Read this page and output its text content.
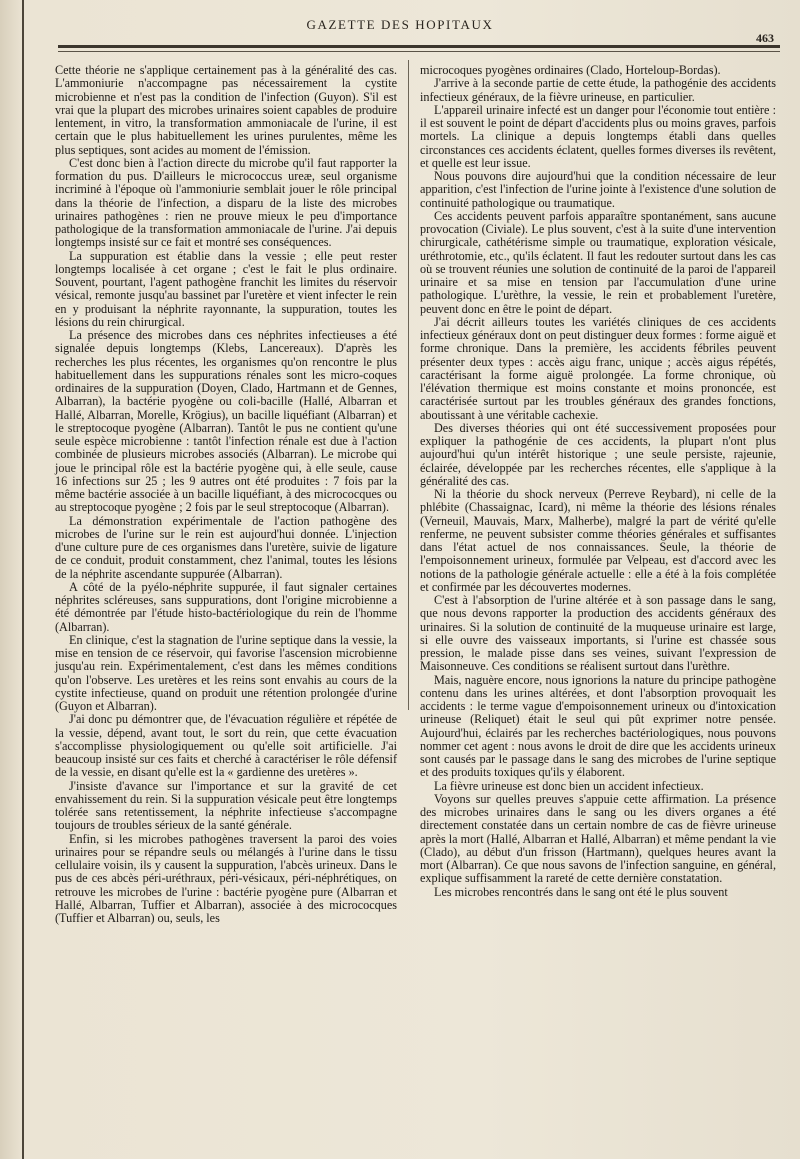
GAZETTE DES HOPITAUX
463

Cette théorie ne s'applique certainement pas à la généralité des cas. L'ammoniurie n'accompagne pas nécessairement la cystite microbienne et n'est pas la condition de l'infection (Guyon). S'il est vrai que la plupart des microbes urinaires soient capables de produire lentement, in vitro, la transformation ammoniacale de l'urine, il est certain que le plus habituellement les urines purulentes, même les plus septiques, sont acides au moment de l'émission.

C'est donc bien à l'action directe du microbe qu'il faut rapporter la formation du pus. D'ailleurs le micrococcus ureæ, seul organisme incriminé à l'époque où l'ammoniurie semblait jouer le rôle principal dans la théorie de l'infection, a disparu de la liste des microbes urinaires pathogènes : rien ne prouve mieux le peu d'importance pathologique de la transformation ammoniacale de l'urine. J'ai depuis longtemps insisté sur ce fait et montré ses conséquences.

La suppuration est établie dans la vessie ; elle peut rester longtemps localisée à cet organe ; c'est le fait le plus ordinaire. Souvent, pourtant, l'agent pathogène franchit les limites du réservoir vésical, remonte jusqu'au bassinet par l'uretère et vient infecter le rein en y produisant la néphrite rayonnante, la suppuration, toutes les lésions du rein chirurgical.

La présence des microbes dans ces néphrites infectieuses a été signalée depuis longtemps (Klebs, Lancereaux). D'après les recherches les plus récentes, les organismes qu'on rencontre le plus habituellement dans les suppurations rénales sont les micro-coques ordinaires de la suppuration (Doyen, Clado, Hartmann et de Gennes, Albarran), la bactérie pyogène ou coli-bacille (Hallé, Albarran et Hallé, Albarran, Morelle, Krögius), un bacille liquéfiant (Albarran) et le streptocoque pyogène (Albarran). Tantôt le pus ne contient qu'une seule espèce microbienne : tantôt l'infection rénale est due à l'action combinée de plusieurs microbes associés (Albarran). Le microbe qui joue le principal rôle est la bactérie pyogène qui, à elle seule, cause 16 infections sur 25 ; les 9 autres ont été produites : 7 fois par la même bactérie associée à un bacille liquéfiant, à des micrococques ou au streptocoque pyogène ; 2 fois par le seul streptocoque (Albarran).

La démonstration expérimentale de l'action pathogène des microbes de l'urine sur le rein est aujourd'hui donnée. L'injection d'une culture pure de ces organismes dans l'uretère, suivie de ligature de ce conduit, produit constamment, chez l'animal, toutes les lésions de la néphrite ascendante suppurée (Albarran).

A côté de la pyélo-néphrite suppurée, il faut signaler certaines néphrites scléreuses, sans suppurations, dont l'origine microbienne a été démontrée par l'étude histo-bactériologique du rein de l'homme (Albarran).

En clinique, c'est la stagnation de l'urine septique dans la vessie, la mise en tension de ce réservoir, qui favorise l'ascension microbienne jusqu'au rein. Expérimentalement, c'est dans les mêmes conditions qu'on l'observe. Les uretères et les reins sont envahis au cours de la cystite infectieuse, quand on produit une rétention prolongée d'urine (Guyon et Albarran).

J'ai donc pu démontrer que, de l'évacuation régulière et répétée de la vessie, dépend, avant tout, le sort du rein, que cette évacuation s'accomplisse physiologiquement ou qu'elle soit artificielle. J'ai beaucoup insisté sur ces faits et cherché à caractériser le rôle défensif de la vessie, en disant qu'elle est la « gardienne des uretères ».

J'insiste d'avance sur l'importance et sur la gravité de cet envahissement du rein. Si la suppuration vésicale peut être longtemps tolérée sans retentissement, la néphrite infectieuse s'accompagne toujours de troubles sérieux de la santé générale.

Enfin, si les microbes pathogènes traversent la paroi des voies urinaires pour se répandre seuls ou mélangés à l'urine dans le tissu cellulaire voisin, ils y causent la suppuration, l'abcès urineux. Dans le pus de ces abcès péri-uréthraux, péri-vésicaux, péri-néphrétiques, on retrouve les microbes de l'urine : bactérie pyogène pure (Albarran et Hallé, Albarran, Tuffier et Albarran), associée à des micrococques (Tuffier et Albarran) ou, seuls, les

microcoques pyogènes ordinaires (Clado, Horteloup-Bordas).

J'arrive à la seconde partie de cette étude, la pathogénie des accidents infectieux généraux, de la fièvre urineuse, en particulier.

L'appareil urinaire infecté est un danger pour l'économie tout entière : il est souvent le point de départ d'accidents plus ou moins graves, parfois mortels. La clinique a depuis longtemps établi dans quelles circonstances ces accidents éclatent, quelles formes diverses ils revêtent, et quelle est leur issue.

Nous pouvons dire aujourd'hui que la condition nécessaire de leur apparition, c'est l'infection de l'urine jointe à l'existence d'une solution de continuité pathologique ou traumatique.

Ces accidents peuvent parfois apparaître spontanément, sans aucune provocation (Civiale). Le plus souvent, c'est à la suite d'une intervention chirurgicale, cathétérisme simple ou traumatique, exploration vésicale, uréthrotomie, etc., qu'ils éclatent. Il faut les redouter surtout dans les cas où se trouvent réunies une solution de continuité de la paroi de l'appareil urinaire et sa mise en tension par l'accumulation d'une urine pathologique. L'urèthre, la vessie, le rein et probablement l'uretère, peuvent donc en être le point de départ.

J'ai décrit ailleurs toutes les variétés cliniques de ces accidents infectieux généraux dont on peut distinguer deux formes : forme aiguë et forme chronique. Dans la première, les accidents fébriles peuvent présenter deux types : accès aigu franc, unique ; accès aigus répétés, caractérisant la forme aiguë prolongée. La forme chronique, où l'élévation thermique est moins constante et moins prononcée, est caractérisée surtout par les troubles généraux des grandes fonctions, aboutissant à une véritable cachexie.

Des diverses théories qui ont été successivement proposées pour expliquer la pathogénie de ces accidents, la plupart n'ont plus aujourd'hui qu'un intérêt historique ; une seule persiste, rajeunie, éclairée, développée par les recherches récentes, elle s'applique à la généralité des cas.

Ni la théorie du shock nerveux (Perreve Reybard), ni celle de la phlébite (Chassaignac, Icard), ni même la théorie des lésions rénales (Verneuil, Mauvais, Marx, Malherbe), malgré la part de vérité qu'elle renferme, ne peuvent subsister comme théories générales et suffisantes dans l'état actuel de nos connaissances. Seule, la théorie de l'empoisonnement urineux, formulée par Velpeau, est d'accord avec les notions de la pathologie générale actuelle : elle a été à la fois complétée et confirmée par les découvertes modernes.

C'est à l'absorption de l'urine altérée et à son passage dans le sang, que nous devons rapporter la production des accidents généraux des urinaires. Si la solution de continuité de la muqueuse urinaire est large, si elle ouvre des vaisseaux importants, si l'urine est chassée sous pression, le malade pisse dans ses veines, suivant l'expression de Maisonneuve. Ces conditions se réalisent surtout dans l'urèthre.

Mais, naguère encore, nous ignorions la nature du principe pathogène contenu dans les urines altérées, et dont l'absorption provoquait les accidents : le terme vague d'empoisonnement urineux ou d'intoxication urineuse (Reliquet) était le seul qui pût exprimer notre pensée. Aujourd'hui, éclairés par les recherches bactériologiques, nous pouvons nommer cet agent : nous avons le droit de dire que les accidents urineux sont causés par le passage dans le sang des microbes de l'urine septique et des produits toxiques qu'ils y élaborent.

La fièvre urineuse est donc bien un accident infectieux.

Voyons sur quelles preuves s'appuie cette affirmation. La présence des microbes urinaires dans le sang ou les divers organes a été directement constatée dans un certain nombre de cas de fièvre urineuse après la mort (Hallé, Albarran et Hallé, Albarran) et même pendant la vie (Clado), au début d'un frisson (Hartmann), quelques heures avant la mort (Albarran). Ce que nous savons de l'infection sanguine, en général, explique suffisamment la rareté de cette dernière constatation.

Les microbes rencontrés dans le sang ont été le plus souvent
